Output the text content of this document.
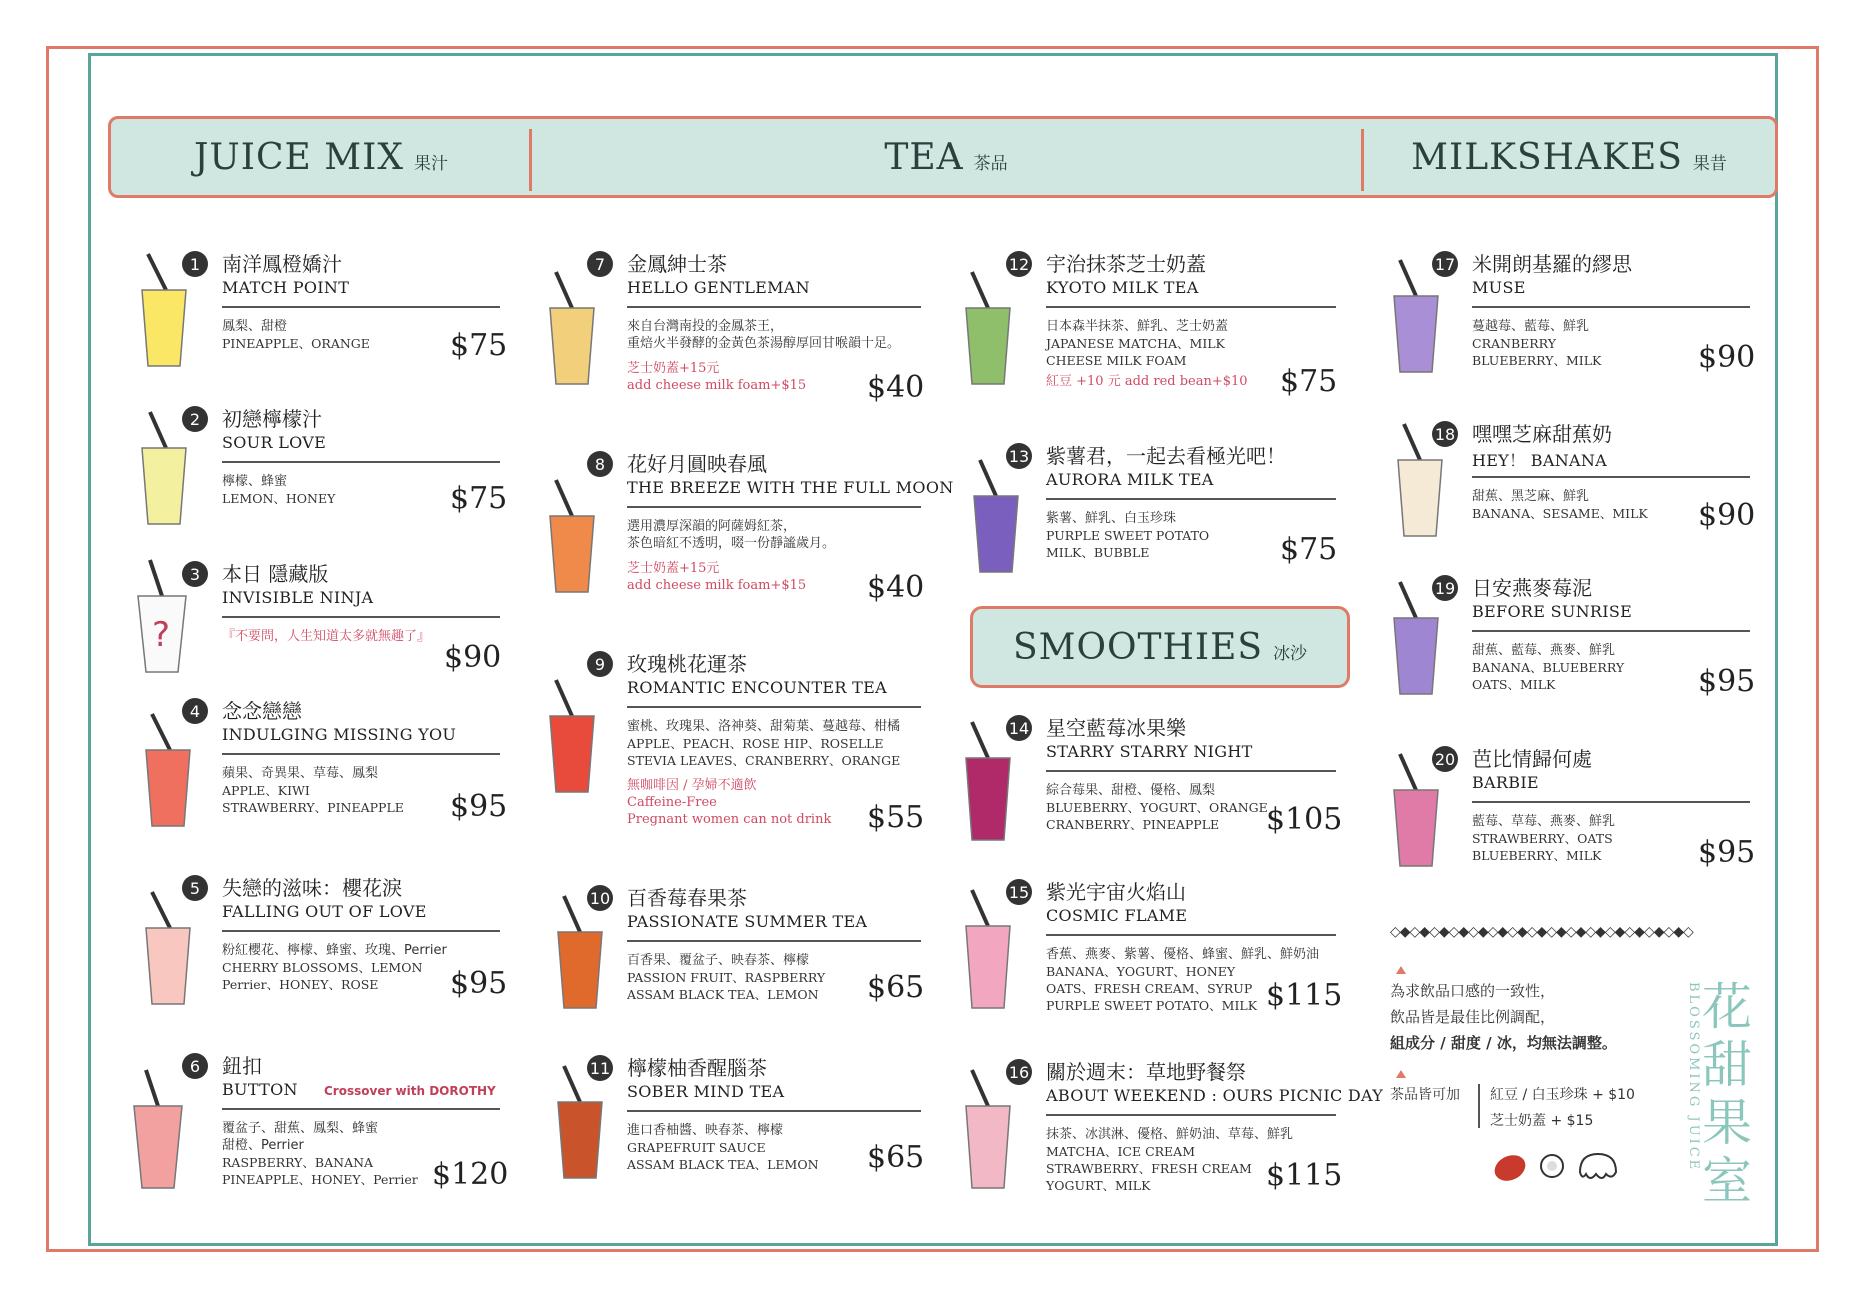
JUICE MIX 果汁	TEA 茶品	MILKSHAKES 果昔
SMOOTHIES 冰沙
1	南洋鳳橙嬌汁
MATCH POINT
鳳梨、甜橙
PINEAPPLE、ORANGE	$75
2	初戀檸檬汁
SOUR LOVE
檸檬、蜂蜜
LEMON、HONEY	$75
3	本日 隱藏版
INVISIBLE NINJA
『不要問，人生知道太多就無趣了』
$90
4	念念戀戀
INDULGING MISSING YOU
蘋果、奇異果、草莓、鳳梨
APPLE、KIWI
STRAWBERRY、PINEAPPLE $95
5	失戀的滋味：櫻花淚
FALLING OUT OF LOVE
粉紅櫻花、檸檬、蜂蜜、玫瑰、Perrier
CHERRY BLOSSOMS、LEMON
Perrier、HONEY、ROSE	$95
6	鈕扣
BUTTON Crossover with DOROTHY
覆盆子、甜蕉、鳳梨、蜂蜜
甜橙、Perrier
RASPBERRY、BANANA
PINEAPPLE、HONEY、Perrier $120
7	金鳳紳士茶
HELLO GENTLEMAN
來自台灣南投的金鳳茶王，
重焙火半發酵的金黃色茶湯醇厚回甘喉韻十足。
芝士奶蓋+15元
add cheese milk foam+$15	$40
8	花好月圓映春風
THE BREEZE WITH THE FULL MOON
選用濃厚深韻的阿薩姆紅茶，
茶色暗紅不透明，啜一份靜謐歲月。
芝士奶蓋+15元
add cheese milk foam+$15	$40
9	玫瑰桃花運茶
ROMANTIC ENCOUNTER TEA
蜜桃、玫瑰果、洛神葵、甜菊葉、蔓越莓、柑橘
APPLE、PEACH、ROSE HIP、ROSELLE
STEVIA LEAVES、CRANBERRY、ORANGE
無咖啡因 / 孕婦不適飲
Caffeine-Free
Pregnant women can not drink	$55
10 百香莓春果茶
PASSIONATE SUMMER TEA
百香果、覆盆子、映春茶、檸檬
PASSION FRUIT、RASPBERRY
ASSAM BLACK TEA、LEMON $65
11 檸檬柚香醒腦茶
SOBER MIND TEA
進口香柚醬、映春茶、檸檬
GRAPEFRUIT SAUCE
ASSAM BLACK TEA、LEMON $65
12 宇治抹茶芝士奶蓋
KYOTO MILK TEA
日本森半抹茶、鮮乳、芝士奶蓋
JAPANESE MATCHA、MILK
CHEESE MILK FOAM
紅豆 +10 元 add red bean+$10 $75
13 紫薯君，一起去看極光吧！
AURORA MILK TEA
紫薯、鮮乳、白玉珍珠
PURPLE SWEET POTATO
MILK、BUBBLE	$75
14 星空藍莓冰果樂
STARRY STARRY NIGHT
綜合莓果、甜橙、優格、鳳梨
BLUEBERRY、YOGURT、ORANGE
CRANBERRY、PINEAPPLE	$105
15 紫光宇宙火焰山
COSMIC FLAME
香蕉、燕麥、紫薯、優格、蜂蜜、鮮乳、鮮奶油
BANANA、YOGURT、HONEY
OATS、FRESH CREAM、SYRUP
PURPLE SWEET POTATO、MILK $115
16 關於週末：草地野餐祭
ABOUT WEEKEND : OURS PICNIC DAY
抹茶、冰淇淋、優格、鮮奶油、草莓、鮮乳
MATCHA、ICE CREAM
STRAWBERRY、FRESH CREAM
YOGURT、MILK	$115
17 米開朗基羅的繆思
MUSE
蔓越莓、藍莓、鮮乳
CRANBERRY
BLUEBERRY、MILK	$90
18 嘿嘿芝麻甜蕉奶
HEY！ BANANA
甜蕉、黑芝麻、鮮乳
BANANA、SESAME、MILK $90
19 日安燕麥莓泥
BEFORE SUNRISE
甜蕉、藍莓、燕麥、鮮乳
BANANA、BLUEBERRY
OATS、MILK	$95
20 芭比情歸何處
BARBIE
藍莓、草莓、燕麥、鮮乳
STRAWBERRY、OATS
BLUEBERRY、MILK	$95
◇◆◇◆◇◆◇◆◇◆◇◆◇◆◇◆◇◆◇◆◇◆◇◆◇◆◇◆◇◆◇
為求飲品口感的一致性，
飲品皆是最佳比例調配，
組成分 / 甜度 / 冰，均無法調整。
茶品皆可加 紅豆 / 白玉珍珠 + $10
芝士奶蓋 + $15	BLOSSOMING JUICE 花甜果室
?
